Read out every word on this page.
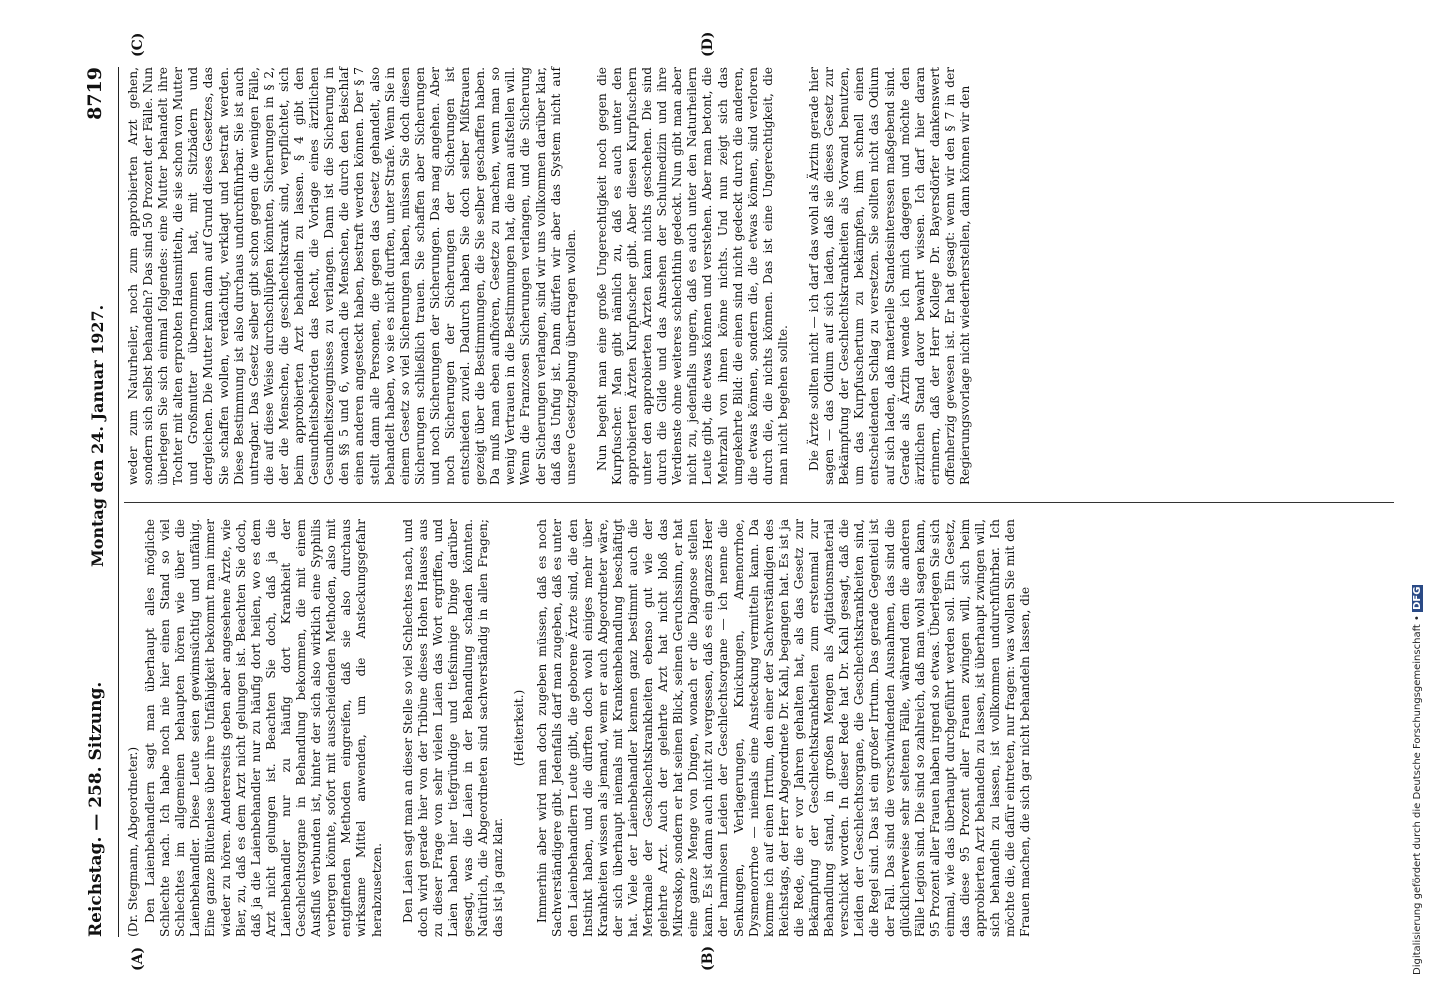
Reichstag. — 258. Sitzung.
Montag den 24. Januar 1927.
8719
(A)	(B)
(C)	(D)

(Dr. Stegmann, Abgeordneter.) Den Laienbehandlern sagt man überhaupt alles mögliche Schlechte nach. Ich habe noch nie hier einen Stand so viel Schlechtes im allgemeinen behaupten hören wie über die Laienbehandler. Diese Leute seien gewinnsüchtig und unfähig. Eine ganze Blütenlese über ihre Unfähigkeit bekommt man immer wieder zu hören. Andererseits geben aber angesehene Ärzte, wie Bier, zu, daß es dem Arzt nicht gelungen ist. Beachten Sie doch, daß ja die Laienbehandler nur zu häufig dort heilen, wo es dem Arzt nicht gelungen ist. Beachten Sie doch, daß ja die Laienbehandler nur zu häufig dort Krankheit der Geschlechtsorgane in Behandlung bekommen, die mit einem Ausfluß verbunden ist, hinter der sich also wirklich eine Syphilis verbergen könnte, sofort mit ausscheidenden Methoden, also mit entgiftenden Methoden eingreifen, daß sie also durchaus wirksame Mittel anwenden, um die Ansteckungsgefahr herabzusetzen. Den Laien sagt man an dieser Stelle so viel Schlechtes nach, und doch wird gerade hier von der Tribüne dieses Hohen Hauses aus zu dieser Frage von sehr vielen Laien das Wort ergriffen, und Laien haben hier tiefgründige und tiefsinnige Dinge darüber gesagt, was die Laien in der Behandlung schaden könnten. Natürlich, die Abgeordneten sind sachverständig in allen Fragen; das ist ja ganz klar.

(Heiterkeit.) Immerhin aber wird man doch zugeben müssen, daß es noch Sachverständigere gibt. Jedenfalls darf man zugeben, daß es unter den Laienbehandlern Leute gibt, die geborene Ärzte sind, die den Instinkt haben, und die dürften doch wohl einiges mehr über Krankheiten wissen als jemand, wenn er auch Abgeordneter wäre, der sich überhaupt niemals mit Krankenbehandlung beschäftigt hat. Viele der Laienbehandler kennen ganz bestimmt auch die Merkmale der Geschlechtskrankheiten ebenso gut wie der gelehrte Arzt. Auch der gelehrte Arzt hat nicht bloß das Mikroskop, sondern er hat seinen Blick, seinen Geruchssinn, er hat eine ganze Menge von Dingen, wonach er die Diagnose stellen kann. Es ist dann auch nicht zu vergessen, daß es ein ganzes Heer der harmlosen Leiden der Geschlechtsorgane — ich nenne die Senkungen, Verlagerungen, Knickungen, Amenorrhoe, Dysmenorrhoe — niemals eine Ansteckung vermitteln kann. Da komme ich auf einen Irrtum, den einer der Sachverständigen des Reichstags, der Herr Abgeordnete Dr. Kahl, begangen hat. Es ist ja die Rede, die er vor Jahren gehalten hat, als das Gesetz zur Bekämpfung der Geschlechtskrankheiten zum erstenmal zur Behandlung stand, in großen Mengen als Agitationsmaterial verschickt worden. In dieser Rede hat Dr. Kahl gesagt, daß die Leiden der Geschlechtsorgane, die Geschlechtskrankheiten sind, die Regel sind. Das ist ein großer Irrtum. Das gerade Gegenteil ist der Fall. Das sind die verschwindenden Ausnahmen, das sind die glücklicherweise sehr seltenen Fälle, während dem die anderen Fälle Legion sind. Die sind so zahlreich, daß man wohl sagen kann, 95 Prozent aller Frauen haben irgend so etwas. Überlegen Sie sich einmal, wie das überhaupt durchgeführt werden soll. Ein Gesetz, das diese 95 Prozent aller Frauen zwingen will, sich beim approbierten Arzt behandeln zu lassen, ist überhaupt zwingen will, sich behandeln zu lassen, ist vollkommen undurchführbar. Ich möchte die, die dafür eintreten, nur fragen: was wollen Sie mit den Frauen machen, die sich gar nicht behandeln lassen, die

weder zum Naturheiler, noch zum approbierten Arzt gehen, sondern sich selbst behandeln? Das sind 50 Prozent der Fälle. Nun überlegen Sie sich einmal folgendes: eine Mutter behandelt ihre Tochter mit alten erprobten Hausmitteln, die sie schon von Mutter und Großmutter übernommen hat, mit Sitzbädern und dergleichen. Die Mutter kann dann auf Grund dieses Gesetzes, das Sie schaffen wollen, verdächtigt, verklagt und bestraft werden. Diese Bestimmung ist also durchaus undurchführbar. Sie ist auch untragbar. Das Gesetz selber gibt schon gegen die wenigen Fälle, die auf diese Weise durchschlüpfen könnten, Sicherungen in § 2, der die Menschen, die geschlechtskrank sind, verpflichtet, sich beim approbierten Arzt behandeln zu lassen. § 4 gibt den Gesundheitsbehörden das Recht, die Vorlage eines ärztlichen Gesundheitszeugnisses zu verlangen. Dann ist die Sicherung in den §§ 5 und 6, wonach die Menschen, die durch den Beischlaf einen anderen angesteckt haben, bestraft werden können. Der § 7 stellt dann alle Personen, die gegen das Gesetz gehandelt, also behandelt haben, wo sie es nicht durften, unter Strafe. Wenn Sie in einem Gesetz so viel Sicherungen haben, müssen Sie doch diesen Sicherungen schließlich trauen. Sie schaffen aber Sicherungen und noch Sicherungen der Sicherungen. Das mag angehen. Aber noch Sicherungen der Sicherungen der Sicherungen ist entschieden zuviel. Dadurch haben Sie doch selber Mißtrauen gezeigt über die Bestimmungen, die Sie selber geschaffen haben. Da muß man eben aufhören, Gesetze zu machen, wenn man so wenig Vertrauen in die Bestimmungen hat, die man aufstellen will. Wenn die Franzosen Sicherungen verlangen, und die Sicherung der Sicherungen verlangen, sind wir uns vollkommen darüber klar, daß das Unfug ist. Dann dürfen wir aber das System nicht auf unsere Gesetzgebung übertragen wollen. Nun begeht man eine große Ungerechtigkeit noch gegen die Kurpfuscher. Man gibt nämlich zu, daß es auch unter den approbierten Ärzten Kurpfuscher gibt. Aber diesen Kurpfuschern unter den approbierten Ärzten kann nichts geschehen. Die sind durch die Gilde und das Ansehen der Schulmedizin und ihre Verdienste ohne weiteres schlechthin gedeckt. Nun gibt man aber nicht zu, jedenfalls ungern, daß es auch unter den Naturheilern Leute gibt, die etwas können und verstehen. Aber man betont, die Mehrzahl von ihnen könne nichts. Und nun zeigt sich das umgekehrte Bild: die einen sind nicht gedeckt durch die anderen, die etwas können, sondern die, die etwas können, sind verloren durch die, die nichts können. Das ist eine Ungerechtigkeit, die man nicht begehen sollte. Die Ärzte sollten nicht — ich darf das wohl als Ärztin gerade hier sagen — das Odium auf sich laden, daß sie dieses Gesetz zur Bekämpfung der Geschlechtskrankheiten als Vorwand benutzen, um das Kurpfuschertum zu bekämpfen, ihm schnell einen entscheidenden Schlag zu versetzen. Sie sollten nicht das Odium auf sich laden, daß materielle Standesinteressen maßgebend sind. Gerade als Ärztin wende ich mich dagegen und möchte den ärztlichen Stand davor bewahrt wissen. Ich darf hier daran erinnern, daß der Herr Kollege Dr. Bayersdörfer dankenswert offenherzig gewesen ist. Er hat gesagt: wenn wir den § 7 in der Regierungsvorlage nicht wiederherstellen, dann können wir den

Digitalisierung gefördert durch die Deutsche Forschungsgemeinschaft • DFG
